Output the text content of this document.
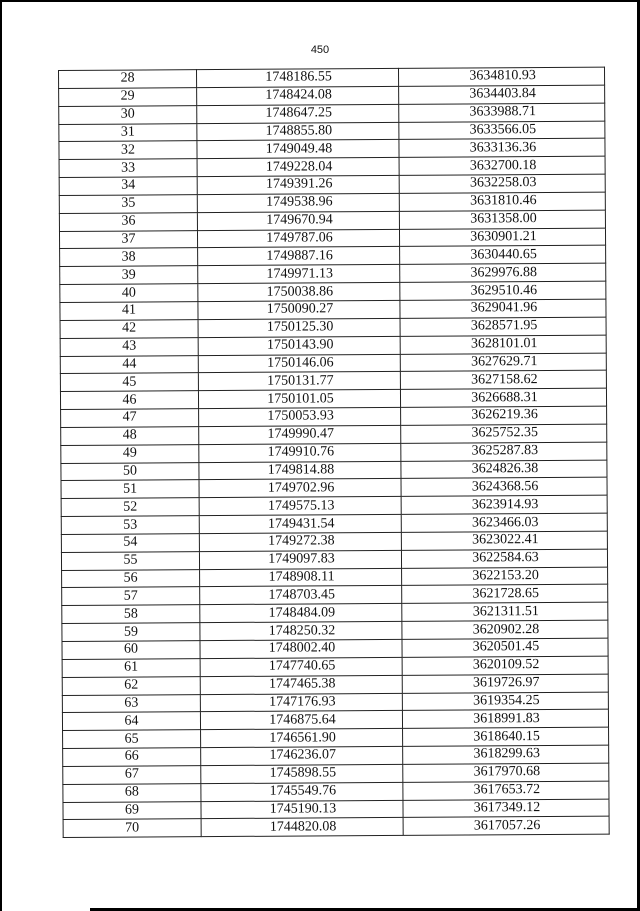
450
28	1748186.55	3634810.93
29	1748424.08	3634403.84
30	1748647.25	3633988.71
31	1748855.80	3633566.05
32	1749049.48	3633136.36
33	1749228.04	3632700.18
34	1749391.26	3632258.03
35	1749538.96	3631810.46
36	1749670.94	3631358.00
37	1749787.06	3630901.21
38	1749887.16	3630440.65
39	1749971.13	3629976.88
40	1750038.86	3629510.46
41	1750090.27	3629041.96
42	1750125.30	3628571.95
43	1750143.90	3628101.01
44	1750146.06	3627629.71
45	1750131.77	3627158.62
46	1750101.05	3626688.31
47	1750053.93	3626219.36
48	1749990.47	3625752.35
49	1749910.76	3625287.83
50	1749814.88	3624826.38
51	1749702.96	3624368.56
52	1749575.13	3623914.93
53	1749431.54	3623466.03
54	1749272.38	3623022.41
55	1749097.83	3622584.63
56	1748908.11	3622153.20
57	1748703.45	3621728.65
58	1748484.09	3621311.51
59	1748250.32	3620902.28
60	1748002.40	3620501.45
61	1747740.65	3620109.52
62	1747465.38	3619726.97
63	1747176.93	3619354.25
64	1746875.64	3618991.83
65	1746561.90	3618640.15
66	1746236.07	3618299.63
67	1745898.55	3617970.68
68	1745549.76	3617653.72
69	1745190.13	3617349.12
70	1744820.08	3617057.26
